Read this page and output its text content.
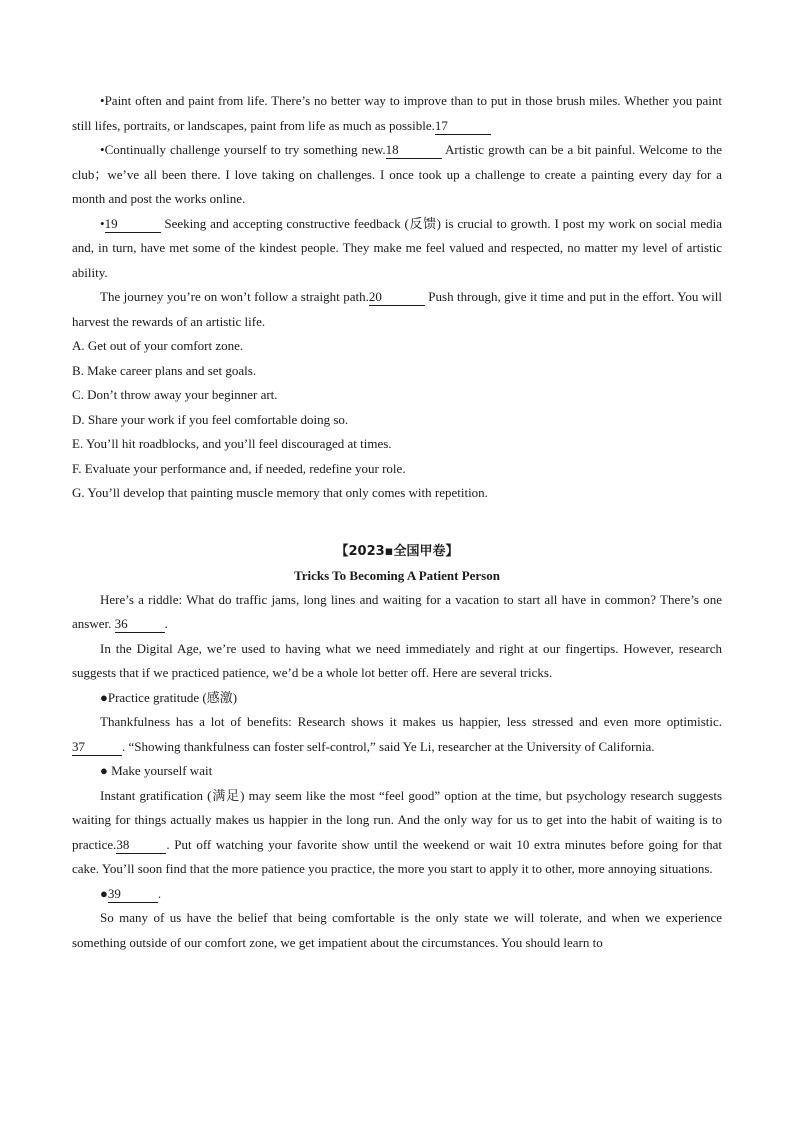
•Paint often and paint from life. There’s no better way to improve than to put in those brush miles. Whether you paint still lifes, portraits, or landscapes, paint from life as much as possible.17

•Continually challenge yourself to try something new.18	Artistic growth can be a bit painful. Welcome to the club；we’ve all been there. I love taking on challenges. I once took up a challenge to create a painting every day for a month and post the works online.

•19	Seeking and accepting constructive feedback (反馈) is crucial to growth. I post my work on social media and, in turn, have met some of the kindest people. They make me feel valued and respected, no matter my level of artistic ability.

The journey you’re on won’t follow a straight path.20	Push through, give it time and put in the effort. You will harvest the rewards of an artistic life.

A. Get out of your comfort zone.

B. Make career plans and set goals.

C. Don’t throw away your beginner art.

D. Share your work if you feel comfortable doing so.

E. You’ll hit roadblocks, and you’ll feel discouraged at times.

F. Evaluate your performance and, if needed, redefine your role.

G. You’ll develop that painting muscle memory that only comes with repetition.

【2023▪全国甲卷】

Tricks To Becoming A Patient Person

Here’s a riddle: What do traffic jams, long lines and waiting for a vacation to start all have in common? There’s one answer. 36	.

In the Digital Age, we’re used to having what we need immediately and right at our fingertips. However, research suggests that if we practiced patience, we’d be a whole lot better off. Here are several tricks.

●Practice gratitude (感激)

Thankfulness has a lot of benefits: Research shows it makes us happier, less stressed and even more optimistic.37	. “Showing thankfulness can foster self-control,” said Ye Li, researcher at the University of California.

● Make yourself wait

Instant gratification (满足) may seem like the most “feel good” option at the time, but psychology research suggests waiting for things actually makes us happier in the long run. And the only way for us to get into the habit of waiting is to practice.38	. Put off watching your favorite show until the weekend or wait 10 extra minutes before going for that cake. You’ll soon find that the more patience you practice, the more you start to apply it to other, more annoying situations.

●39	.

So many of us have the belief that being comfortable is the only state we will tolerate, and when we experience something outside of our comfort zone, we get impatient about the circumstances. You should learn to
